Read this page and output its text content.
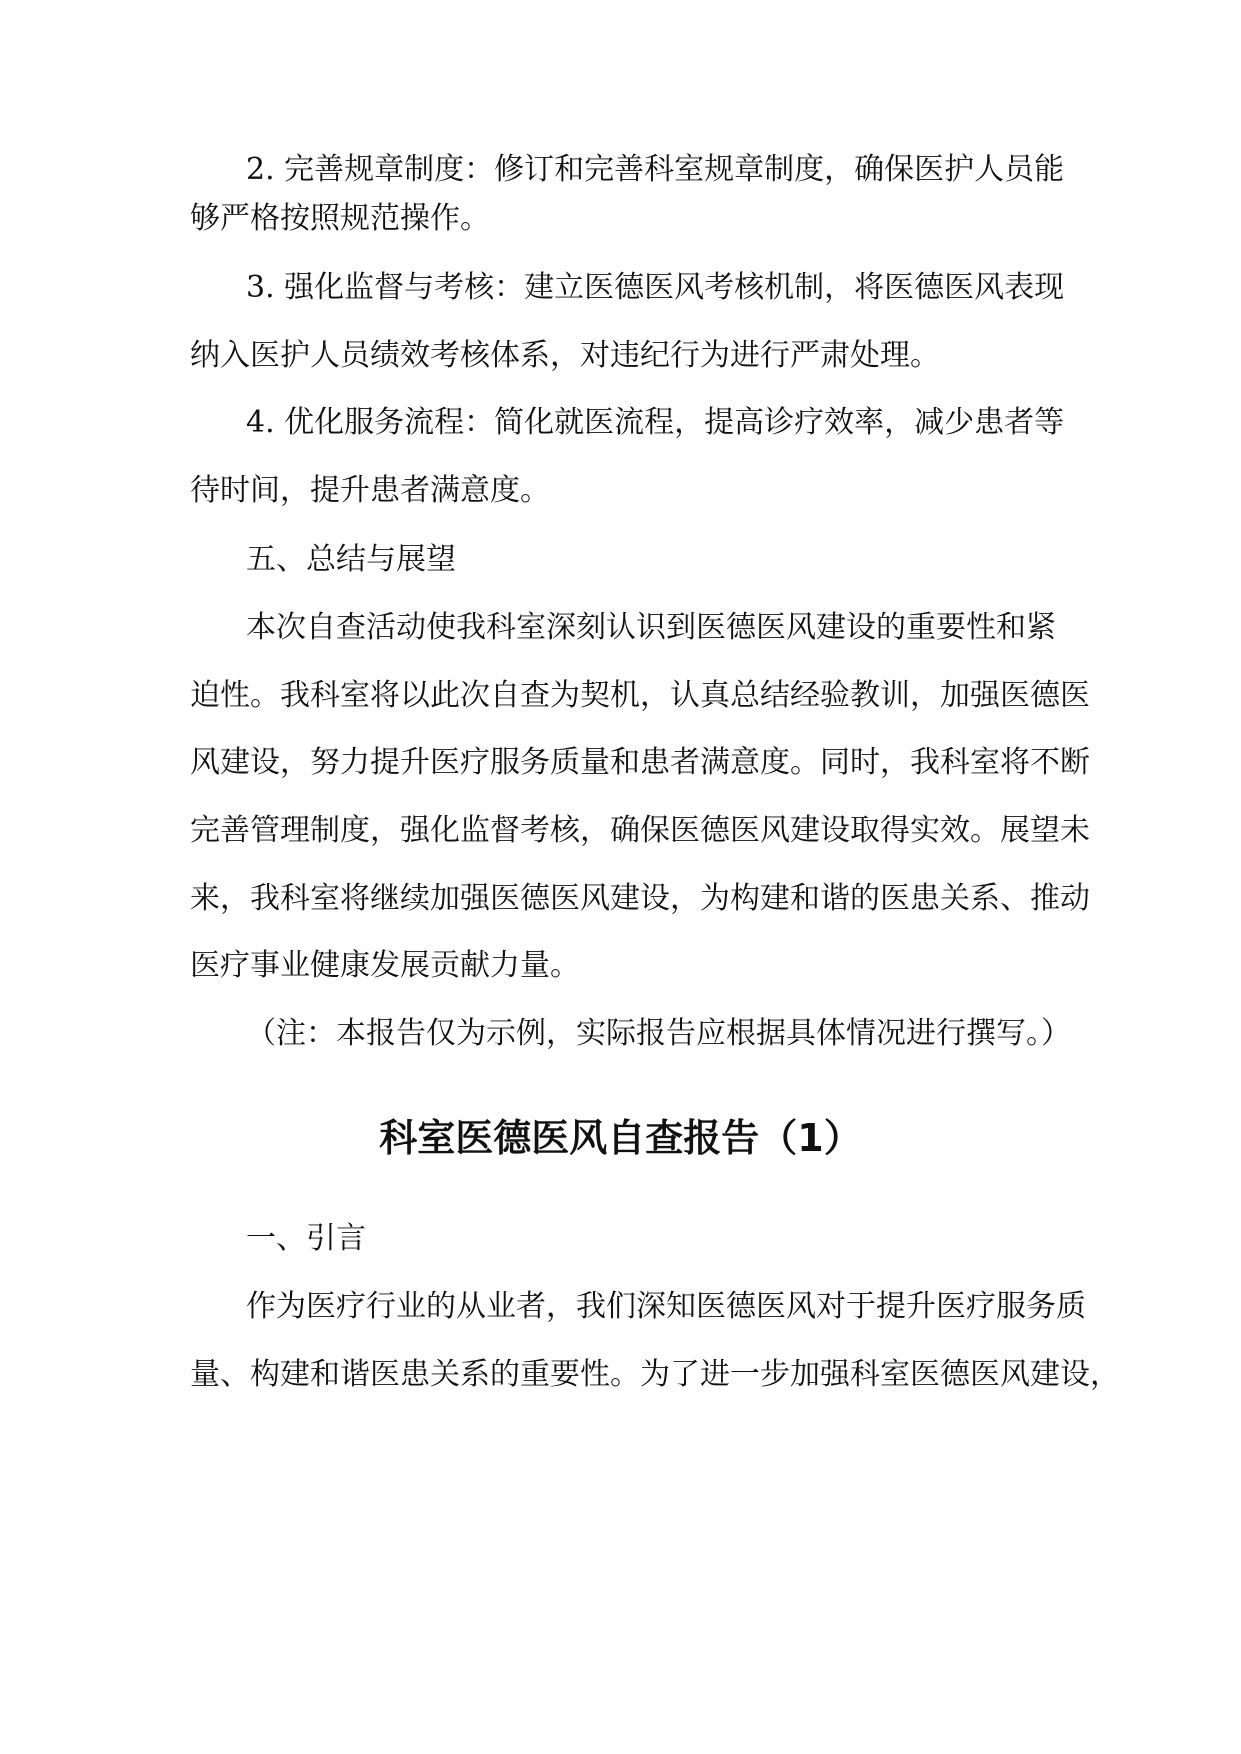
2. 完善规章制度：修订和完善科室规章制度，确保医护人员能
够严格按照规范操作。
3. 强化监督与考核：建立医德医风考核机制，将医德医风表现
纳入医护人员绩效考核体系，对违纪行为进行严肃处理。
4. 优化服务流程：简化就医流程，提高诊疗效率，减少患者等
待时间，提升患者满意度。
五、总结与展望
本次自查活动使我科室深刻认识到医德医风建设的重要性和紧
迫性。我科室将以此次自查为契机，认真总结经验教训，加强医德医
风建设，努力提升医疗服务质量和患者满意度。同时，我科室将不断
完善管理制度，强化监督考核，确保医德医风建设取得实效。展望未
来，我科室将继续加强医德医风建设，为构建和谐的医患关系、推动
医疗事业健康发展贡献力量。
（注：本报告仅为示例，实际报告应根据具体情况进行撰写。）
科室医德医风自查报告（1）
一、引言
作为医疗行业的从业者，我们深知医德医风对于提升医疗服务质
量、构建和谐医患关系的重要性。为了进一步加强科室医德医风建设，
